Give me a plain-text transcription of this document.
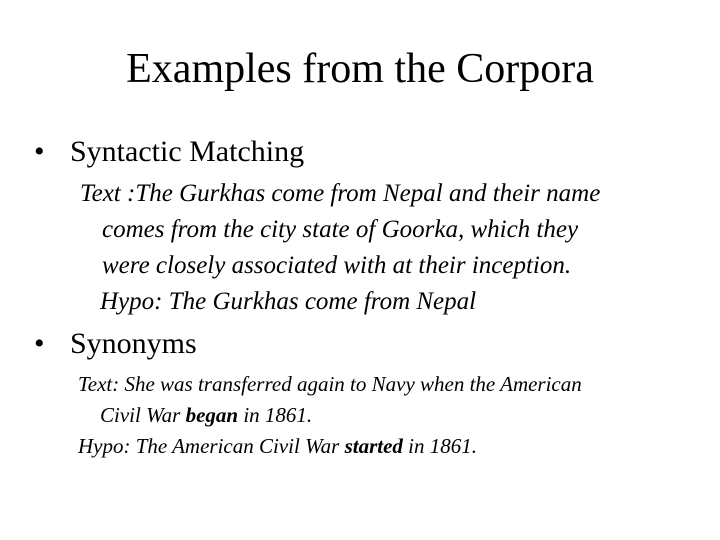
Examples from the Corpora
• Syntactic Matching
Text :The Gurkhas come from Nepal and their name
comes from the city state of Goorka, which they
were closely associated with at their inception.
Hypo: The Gurkhas come from Nepal
• Synonyms
Text: She was transferred again to Navy when the American
Civil War began in 1861.
Hypo: The American Civil War started in 1861.
